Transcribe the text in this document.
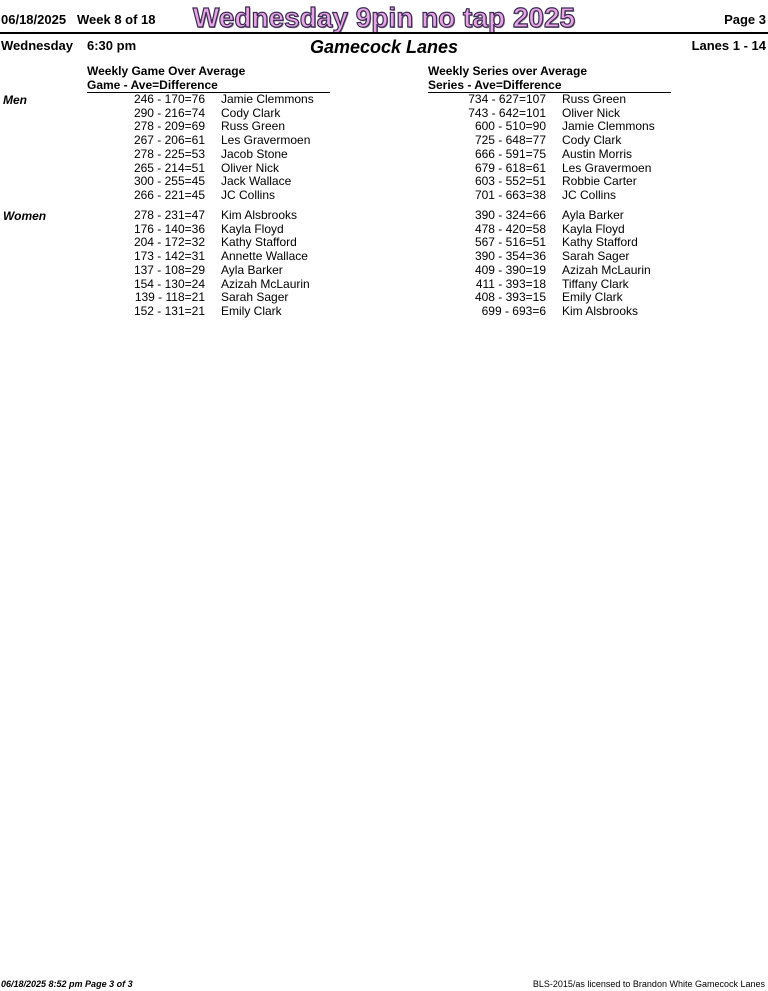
06/18/2025 Week 8 of 18	Wednesday 9pin no tap 2025	Page 3
Wednesday 6:30 pm	Gamecock Lanes	Lanes 1 - 14
Weekly Game Over Average
Game - Ave=Difference
Weekly Series over Average
Series - Ave=Difference
Men	246 - 170=76 Jamie Clemmons
290 - 216=74 Cody Clark
278 - 209=69 Russ Green
267 - 206=61 Les Gravermoen
278 - 225=53 Jacob Stone
265 - 214=51 Oliver Nick
300 - 255=45 Jack Wallace
266 - 221=45 JC Collins
734 - 627=107 Russ Green
743 - 642=101 Oliver Nick
600 - 510=90 Jamie Clemmons
725 - 648=77 Cody Clark
666 - 591=75 Austin Morris
679 - 618=61 Les Gravermoen
603 - 552=51 Robbie Carter
701 - 663=38 JC Collins
Women	278 - 231=47 Kim Alsbrooks
176 - 140=36 Kayla Floyd
204 - 172=32 Kathy Stafford
173 - 142=31 Annette Wallace
137 - 108=29 Ayla Barker
154 - 130=24 Azizah McLaurin
139 - 118=21 Sarah Sager
152 - 131=21 Emily Clark
390 - 324=66 Ayla Barker
478 - 420=58 Kayla Floyd
567 - 516=51 Kathy Stafford
390 - 354=36 Sarah Sager
409 - 390=19 Azizah McLaurin
411 - 393=18 Tiffany Clark
408 - 393=15 Emily Clark
699 - 693=6 Kim Alsbrooks
06/18/2025 8:52 pm Page 3 of 3	BLS-2015/as licensed to Brandon White Gamecock Lanes
